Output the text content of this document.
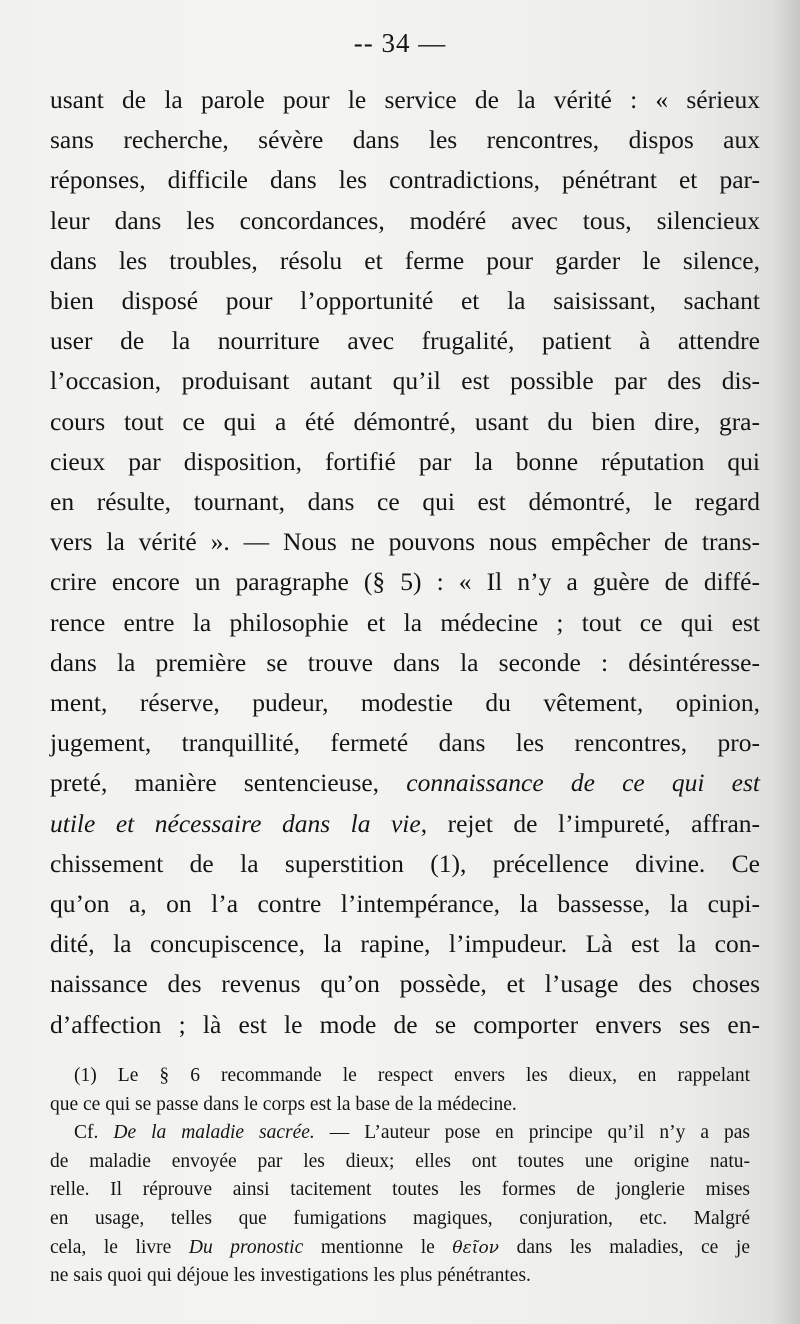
-- 34 —
usant de la parole pour le service de la vérité : « sérieux
sans recherche, sévère dans les rencontres, dispos aux
réponses, difficile dans les contradictions, pénétrant et par-
leur dans les concordances, modéré avec tous, silencieux
dans les troubles, résolu et ferme pour garder le silence,
bien disposé pour l’opportunité et la saisissant, sachant
user de la nourriture avec frugalité, patient à attendre
l’occasion, produisant autant qu’il est possible par des dis-
cours tout ce qui a été démontré, usant du bien dire, gra-
cieux par disposition, fortifié par la bonne réputation qui
en résulte, tournant, dans ce qui est démontré, le regard
vers la vérité ». — Nous ne pouvons nous empêcher de trans-
crire encore un paragraphe (§ 5) : « Il n’y a guère de diffé-
rence entre la philosophie et la médecine ; tout ce qui est
dans la première se trouve dans la seconde : désintéresse-
ment, réserve, pudeur, modestie du vêtement, opinion,
jugement, tranquillité, fermeté dans les rencontres, pro-
preté, manière sentencieuse, connaissance de ce qui est
utile et nécessaire dans la vie, rejet de l’impureté, affran-
chissement de la superstition (1), précellence divine. Ce
qu’on a, on l’a contre l’intempérance, la bassesse, la cupi-
dité, la concupiscence, la rapine, l’impudeur. Là est la con-
naissance des revenus qu’on possède, et l’usage des choses
d’affection ; là est le mode de se comporter envers ses en-
(1) Le § 6 recommande le respect envers les dieux, en rappelant
que ce qui se passe dans le corps est la base de la médecine.
Cf. De la maladie sacrée. — L’auteur pose en principe qu’il n’y a pas
de maladie envoyée par les dieux; elles ont toutes une origine natu-
relle. Il réprouve ainsi tacitement toutes les formes de jonglerie mises
en usage, telles que fumigations magiques, conjuration, etc. Malgré
cela, le livre Du pronostic mentionne le θεῖον dans les maladies, ce je
ne sais quoi qui déjoue les investigations les plus pénétrantes.
